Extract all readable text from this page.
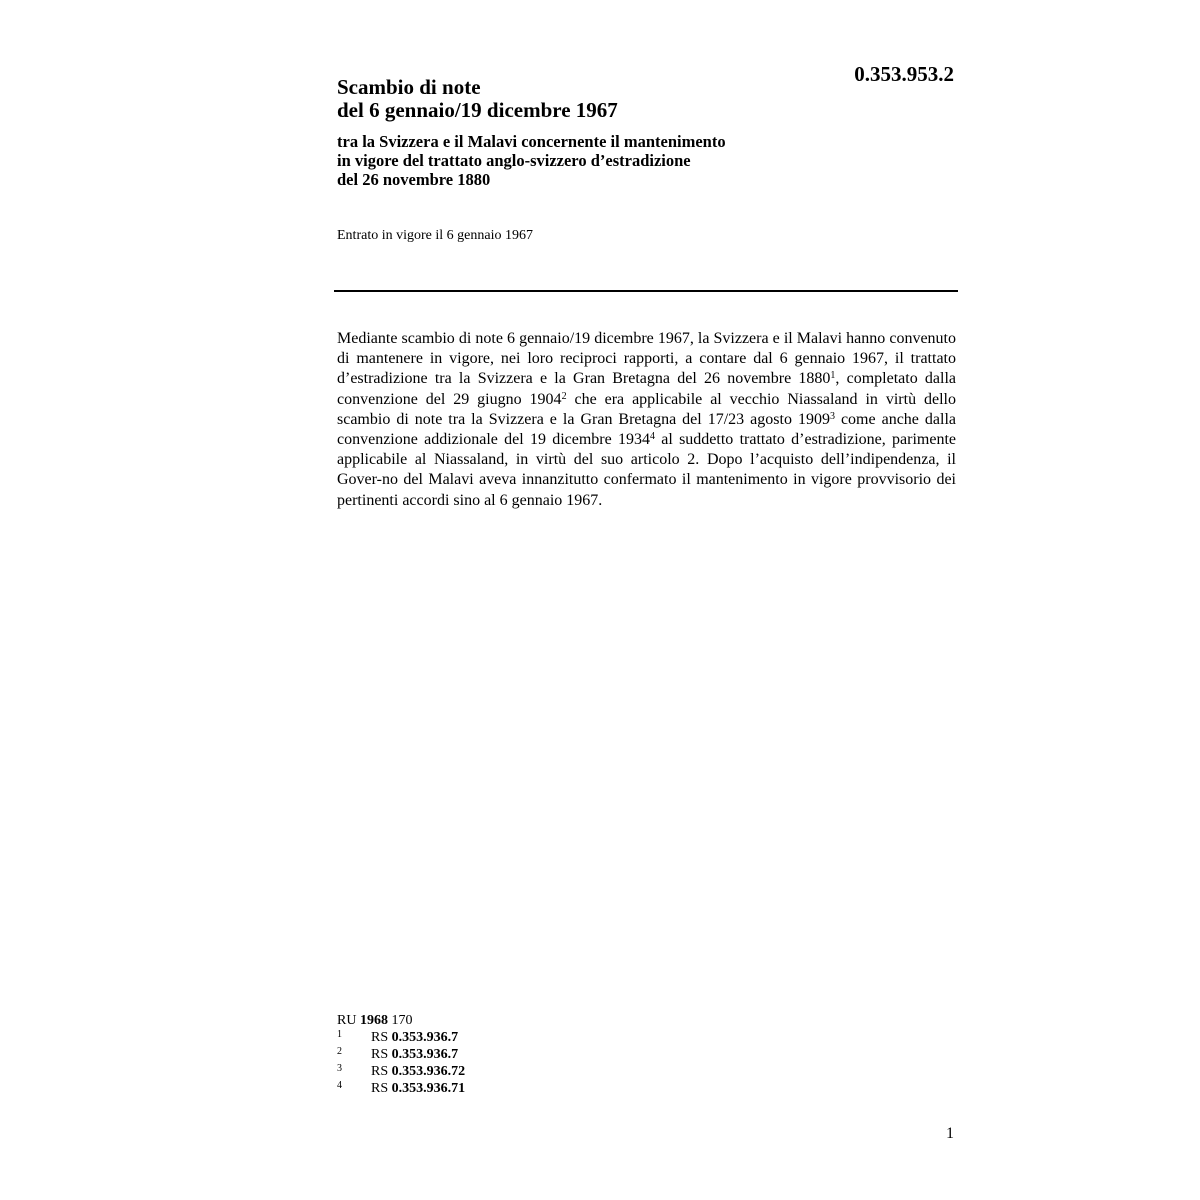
0.353.953.2
Scambio di note
del 6 gennaio/19 dicembre 1967
tra la Svizzera e il Malavi concernente il mantenimento
in vigore del trattato anglo-svizzero d’estradizione
del 26 novembre 1880
Entrato in vigore il 6 gennaio 1967
Mediante scambio di note 6 gennaio/19 dicembre 1967, la Svizzera e il Malavi hanno convenuto di mantenere in vigore, nei loro reciproci rapporti, a contare dal 6 gennaio 1967, il trattato d’estradizione tra la Svizzera e la Gran Bretagna del 26 novembre 1880$^1$, completato dalla convenzione del 29 giugno 1904$^2$ che era applicabile al vecchio Niassaland in virtù dello scambio di note tra la Svizzera e la Gran Bretagna del 17/23 agosto 1909$^3$ come anche dalla convenzione addizionale del 19 dicembre 1934$^4$ al suddetto trattato d’estradizione, parimente applicabile al Niassaland, in virtù del suo articolo 2. Dopo l’acquisto dell’indipendenza, il Gover-no del Malavi aveva innanzitutto confermato il mantenimento in vigore provvisorio dei pertinenti accordi sino al 6 gennaio 1967.
RU 1968 170
1 RS 0.353.936.7
2 RS 0.353.936.7
3 RS 0.353.936.72
4 RS 0.353.936.71
1
